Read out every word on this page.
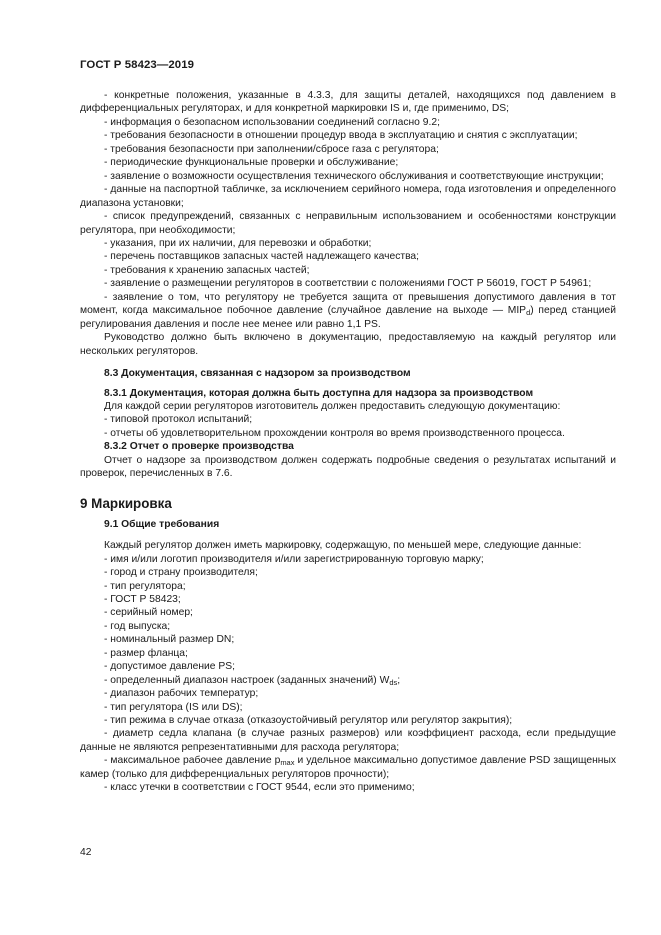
ГОСТ Р 58423—2019

- конкретные положения, указанные в 4.3.3, для защиты деталей, находящихся под давлением в дифференциальных регуляторах, и для конкретной маркировки IS и, где применимо, DS;

- информация о безопасном использовании соединений согласно 9.2;

- требования безопасности в отношении процедур ввода в эксплуатацию и снятия с эксплуатации;

- требования безопасности при заполнении/сбросе газа с регулятора;

- периодические функциональные проверки и обслуживание;

- заявление о возможности осуществления технического обслуживания и соответствующие инструкции;

- данные на паспортной табличке, за исключением серийного номера, года изготовления и определенного диапазона установки;

- список предупреждений, связанных с неправильным использованием и особенностями конструкции регулятора, при необходимости;

- указания, при их наличии, для перевозки и обработки;

- перечень поставщиков запасных частей надлежащего качества;

- требования к хранению запасных частей;

- заявление о размещении регуляторов в соответствии с положениями ГОСТ Р 56019, ГОСТ Р 54961;

- заявление о том, что регулятору не требуется защита от превышения допустимого давления в тот момент, когда максимальное побочное давление (случайное давление на выходе — $MIP_d$) перед станцией регулирования давления и после нее менее или равно 1,1 PS.

Руководство должно быть включено в документацию, предоставляемую на каждый регулятор или нескольких регуляторов.

8.3 Документация, связанная с надзором за производством
8.3.1 Документация, которая должна быть доступна для надзора за производством

Для каждой серии регуляторов изготовитель должен предоставить следующую документацию:

- типовой протокол испытаний;

- отчеты об удовлетворительном прохождении контроля во время производственного процесса.

8.3.2 Отчет о проверке производства

Отчет о надзоре за производством должен содержать подробные сведения о результатах испытаний и проверок, перечисленных в 7.6.

9 Маркировка
9.1 Общие требования

Каждый регулятор должен иметь маркировку, содержащую, по меньшей мере, следующие данные:

- имя и/или логотип производителя и/или зарегистрированную торговую марку;

- город и страну производителя;

- тип регулятора;

- ГОСТ Р 58423;

- серийный номер;

- год выпуска;

- номинальный размер DN;

- размер фланца;

- допустимое давление PS;

- определенный диапазон настроек (заданных значений) $W_{ds}$;

- диапазон рабочих температур;

- тип регулятора (IS или DS);

- тип режима в случае отказа (отказоустойчивый регулятор или регулятор закрытия);

- диаметр седла клапана (в случае разных размеров) или коэффициент расхода, если предыдущие данные не являются репрезентативными для расхода регулятора;

- максимальное рабочее давление $p_{max}$ и удельное максимально допустимое давление PSD защищенных камер (только для дифференциальных регуляторов прочности);

- класс утечки в соответствии с ГОСТ 9544, если это применимо;

42
